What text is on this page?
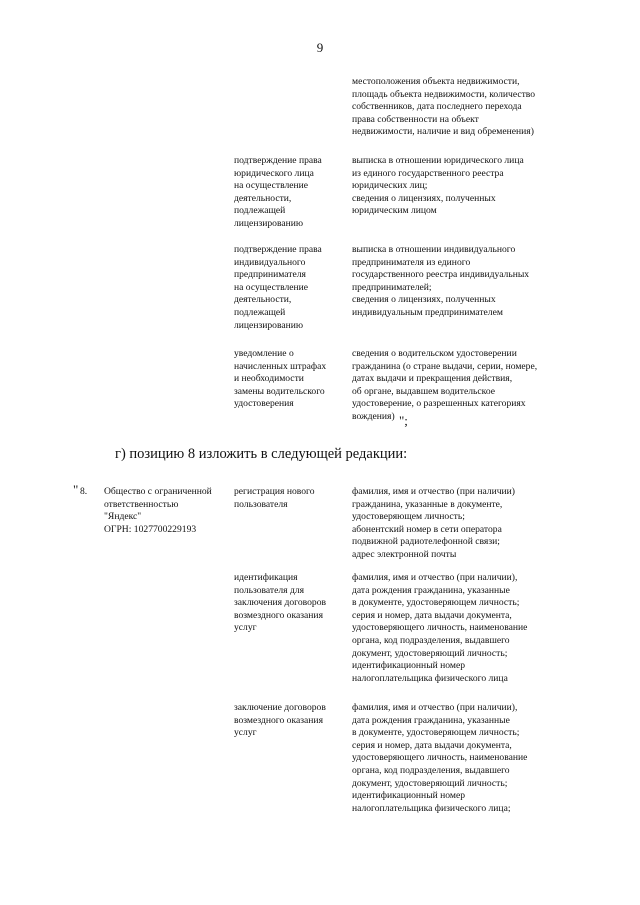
9
местоположения объекта недвижимости,
площадь объекта недвижимости, количество
собственников, дата последнего перехода
права собственности на объект
недвижимости, наличие и вид обременения)
подтверждение права
юридического лица
на осуществление
деятельности,
подлежащей
лицензированию
выписка в отношении юридического лица
из единого государственного реестра
юридических лиц;
сведения о лицензиях, полученных
юридическим лицом
подтверждение права
индивидуального
предпринимателя
на осуществление
деятельности,
подлежащей
лицензированию
выписка в отношении индивидуального
предпринимателя из единого
государственного реестра индивидуальных
предпринимателей;
сведения о лицензиях, полученных
индивидуальным предпринимателем
уведомление о
начисленных штрафах
и необходимости
замены водительского
удостоверения
сведения о водительском удостоверении
гражданина (о стране выдачи, серии, номере,
датах выдачи и прекращения действия,
об органе, выдавшем водительское
удостоверение, о разрешенных категориях
вождения) ";
г) позицию 8 изложить в следующей редакции:
" 8. Общество с ограниченной
ответственностью
"Яндекс"
ОГРН: 1027700229193
регистрация нового
пользователя
фамилия, имя и отчество (при наличии)
гражданина, указанные в документе,
удостоверяющем личность;
абонентский номер в сети оператора
подвижной радиотелефонной связи;
адрес электронной почты
идентификация
пользователя для
заключения договоров
возмездного оказания
услуг
фамилия, имя и отчество (при наличии),
дата рождения гражданина, указанные
в документе, удостоверяющем личность;
серия и номер, дата выдачи документа,
удостоверяющего личность, наименование
органа, код подразделения, выдавшего
документ, удостоверяющий личность;
идентификационный номер
налогоплательщика физического лица
заключение договоров
возмездного оказания
услуг
фамилия, имя и отчество (при наличии),
дата рождения гражданина, указанные
в документе, удостоверяющем личность;
серия и номер, дата выдачи документа,
удостоверяющего личность, наименование
органа, код подразделения, выдавшего
документ, удостоверяющий личность;
идентификационный номер
налогоплательщика физического лица;
